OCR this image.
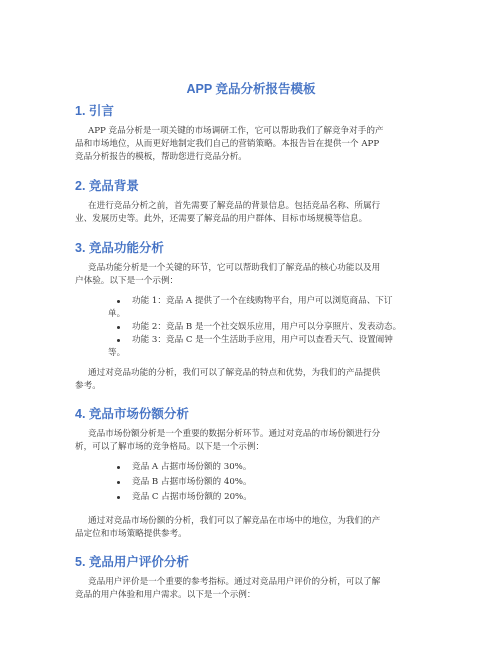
APP 竞品分析报告模板
1. 引言
APP 竞品分析是一项关键的市场调研工作，它可以帮助我们了解竞争对手的产
品和市场地位，从而更好地制定我们自己的营销策略。本报告旨在提供一个 APP
竞品分析报告的模板，帮助您进行竞品分析。
2. 竞品背景
在进行竞品分析之前，首先需要了解竞品的背景信息。包括竞品名称、所属行
业、发展历史等。此外，还需要了解竞品的用户群体、目标市场规模等信息。
3. 竞品功能分析
竞品功能分析是一个关键的环节，它可以帮助我们了解竞品的核心功能以及用
户体验。以下是一个示例：
功能 1：竞品 A 提供了一个在线购物平台，用户可以浏览商品、下订
单。
功能 2：竞品 B 是一个社交娱乐应用，用户可以分享照片、发表动态。
功能 3：竞品 C 是一个生活助手应用，用户可以查看天气、设置闹钟
等。
通过对竞品功能的分析，我们可以了解竞品的特点和优势，为我们的产品提供
参考。
4. 竞品市场份额分析
竞品市场份额分析是一个重要的数据分析环节。通过对竞品的市场份额进行分
析，可以了解市场的竞争格局。以下是一个示例：
竞品 A 占据市场份额的 30%。
竞品 B 占据市场份额的 40%。
竞品 C 占据市场份额的 20%。
通过对竞品市场份额的分析，我们可以了解竞品在市场中的地位，为我们的产
品定位和市场策略提供参考。
5. 竞品用户评价分析
竞品用户评价是一个重要的参考指标。通过对竞品用户评价的分析，可以了解
竞品的用户体验和用户需求。以下是一个示例：
